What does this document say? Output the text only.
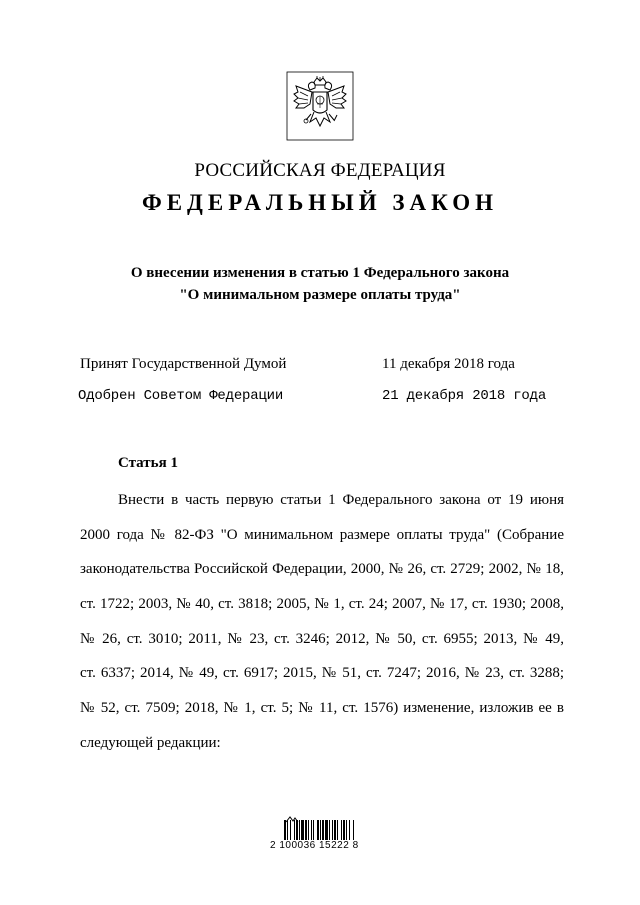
РОССИЙСКАЯ ФЕДЕРАЦИЯ
ФЕДЕРАЛЬНЫЙ ЗАКОН
О внесении изменения в статью 1 Федерального закона
"О минимальном размере оплаты труда"
Принят Государственной Думой	11 декабря 2018 года
Одобрен Советом Федерации	21 декабря 2018 года
Статья 1
Внести в часть первую статьи 1 Федерального закона от 19 июня
2000 года № 82-ФЗ "О минимальном размере оплаты труда" (Собрание
законодательства Российской Федерации, 2000, № 26, ст. 2729; 2002, № 18,
ст. 1722; 2003, № 40, ст. 3818; 2005, № 1, ст. 24; 2007, № 17, ст. 1930; 2008,
№ 26, ст. 3010; 2011, № 23, ст. 3246; 2012, № 50, ст. 6955; 2013, № 49,
ст. 6337; 2014, № 49, ст. 6917; 2015, № 51, ст. 7247; 2016, № 23, ст. 3288;
№ 52, ст. 7509; 2018, № 1, ст. 5; № 11, ст. 1576) изменение, изложив ее в
следующей редакции:
2 100036 15222 8
